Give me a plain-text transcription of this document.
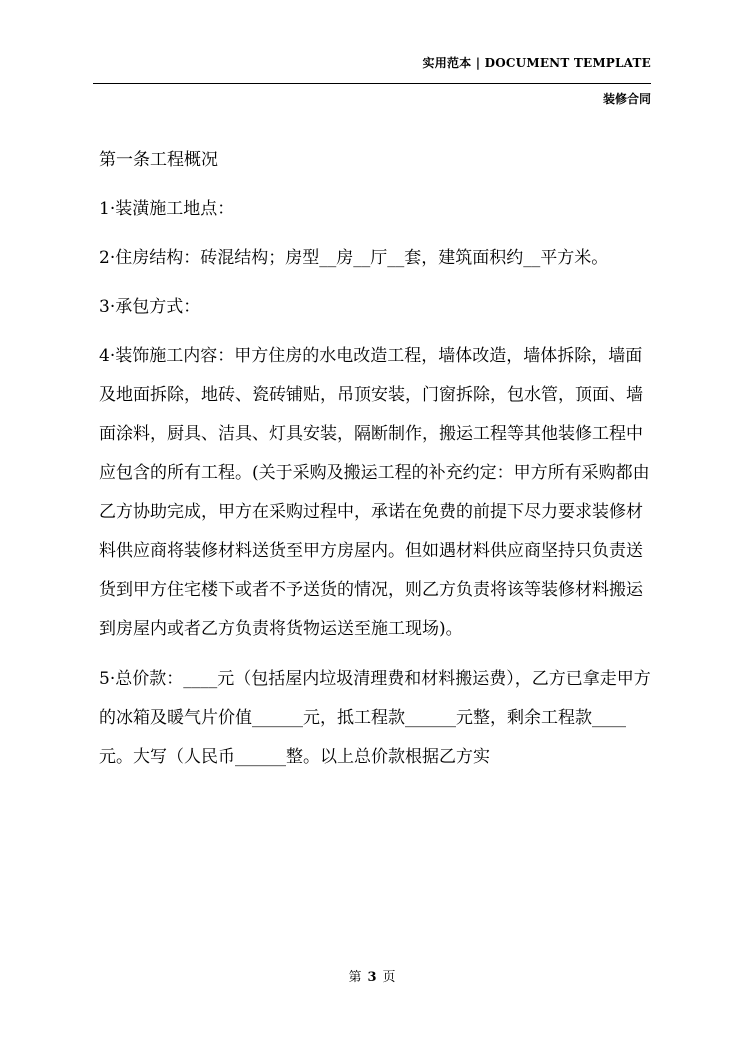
实用范本 | DOCUMENT TEMPLATE
装修合同

第一条工程概况

1·装潢施工地点：

2·住房结构：砖混结构；房型__房__厅__套，建筑面积约__平方米。

3·承包方式：

4·装饰施工内容：甲方住房的水电改造工程，墙体改造，墙体拆除，墙面及地面拆除，地砖、瓷砖铺贴，吊顶安装，门窗拆除，包水管，顶面、墙面涂料，厨具、洁具、灯具安装，隔断制作，搬运工程等其他装修工程中应包含的所有工程。(关于采购及搬运工程的补充约定：甲方所有采购都由乙方协助完成，甲方在采购过程中，承诺在免费的前提下尽力要求装修材料供应商将装修材料送货至甲方房屋内。但如遇材料供应商坚持只负责送货到甲方住宅楼下或者不予送货的情况，则乙方负责将该等装修材料搬运到房屋内或者乙方负责将货物运送至施工现场)。

5·总价款：____元（包括屋内垃圾清理费和材料搬运费），乙方已拿走甲方的冰箱及暖气片价值______元，抵工程款______元整，剩余工程款____元。大写（人民币______整。以上总价款根据乙方实

第 3 页
